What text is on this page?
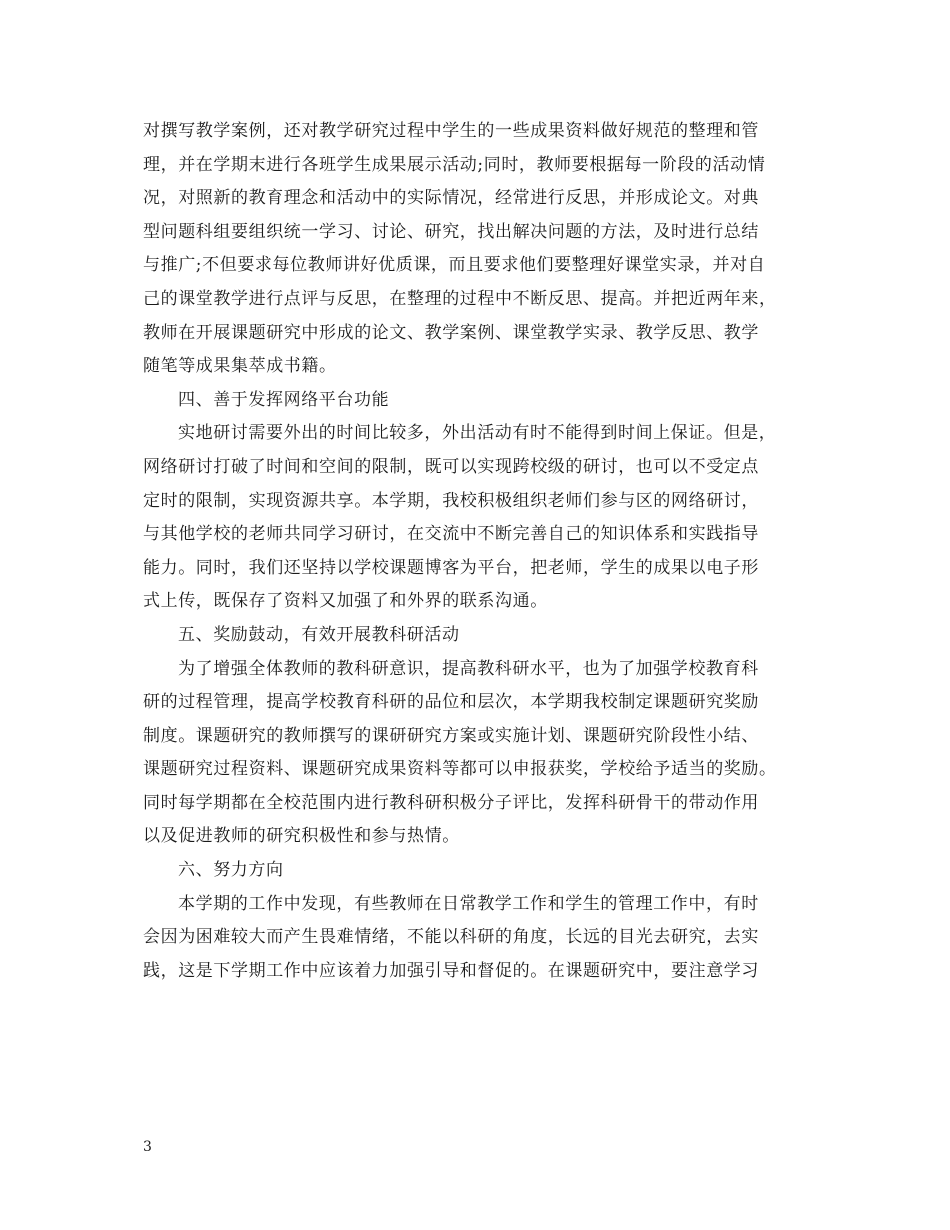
对撰写教学案例，还对教学研究过程中学生的一些成果资料做好规范的整理和管
理，并在学期末进行各班学生成果展示活动;同时，教师要根据每一阶段的活动情
况，对照新的教育理念和活动中的实际情况，经常进行反思，并形成论文。对典
型问题科组要组织统一学习、讨论、研究，找出解决问题的方法，及时进行总结
与推广;不但要求每位教师讲好优质课，而且要求他们要整理好课堂实录，并对自
己的课堂教学进行点评与反思，在整理的过程中不断反思、提高。并把近两年来，
教师在开展课题研究中形成的论文、教学案例、课堂教学实录、教学反思、教学
随笔等成果集萃成书籍。
四、善于发挥网络平台功能
实地研讨需要外出的时间比较多，外出活动有时不能得到时间上保证。但是，
网络研讨打破了时间和空间的限制，既可以实现跨校级的研讨，也可以不受定点
定时的限制，实现资源共享。本学期，我校积极组织老师们参与区的网络研讨，
与其他学校的老师共同学习研讨，在交流中不断完善自己的知识体系和实践指导
能力。同时，我们还坚持以学校课题博客为平台，把老师，学生的成果以电子形
式上传，既保存了资料又加强了和外界的联系沟通。
五、奖励鼓动，有效开展教科研活动
为了增强全体教师的教科研意识，提高教科研水平，也为了加强学校教育科
研的过程管理，提高学校教育科研的品位和层次，本学期我校制定课题研究奖励
制度。课题研究的教师撰写的课研研究方案或实施计划、课题研究阶段性小结、
课题研究过程资料、课题研究成果资料等都可以申报获奖，学校给予适当的奖励。
同时每学期都在全校范围内进行教科研积极分子评比，发挥科研骨干的带动作用
以及促进教师的研究积极性和参与热情。
六、努力方向
本学期的工作中发现，有些教师在日常教学工作和学生的管理工作中，有时
会因为困难较大而产生畏难情绪，不能以科研的角度，长远的目光去研究，去实
践，这是下学期工作中应该着力加强引导和督促的。在课题研究中，要注意学习
3
